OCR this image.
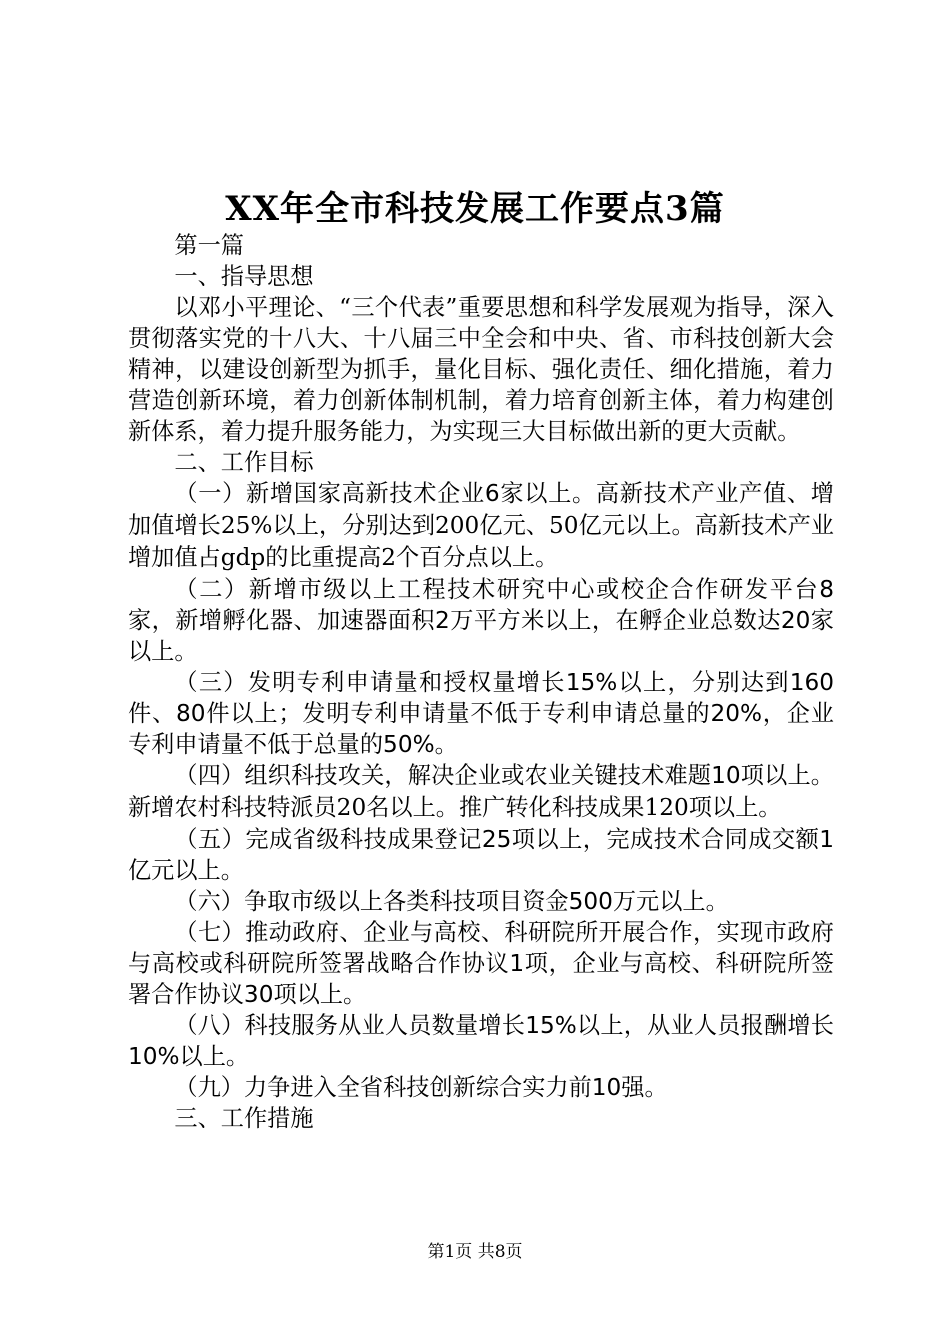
XX年全市科技发展工作要点3篇

第一篇

一、指导思想

以邓小平理论、“三个代表”重要思想和科学发展观为指导，深入贯彻落实党的十八大、十八届三中全会和中央、省、市科技创新大会精神，以建设创新型为抓手，量化目标、强化责任、细化措施，着力营造创新环境，着力创新体制机制，着力培育创新主体，着力构建创新体系，着力提升服务能力，为实现三大目标做出新的更大贡献。

二、工作目标

（一）新增国家高新技术企业6家以上。高新技术产业产值、增加值增长25%以上，分别达到200亿元、50亿元以上。高新技术产业增加值占gdp的比重提高2个百分点以上。

（二）新增市级以上工程技术研究中心或校企合作研发平台8家，新增孵化器、加速器面积2万平方米以上，在孵企业总数达20家以上。

（三）发明专利申请量和授权量增长15%以上，分别达到160件、80件以上；发明专利申请量不低于专利申请总量的20%，企业专利申请量不低于总量的50%。

（四）组织科技攻关，解决企业或农业关键技术难题10项以上。新增农村科技特派员20名以上。推广转化科技成果120项以上。

（五）完成省级科技成果登记25项以上，完成技术合同成交额1亿元以上。

（六）争取市级以上各类科技项目资金500万元以上。

（七）推动政府、企业与高校、科研院所开展合作，实现市政府与高校或科研院所签署战略合作协议1项，企业与高校、科研院所签署合作协议30项以上。

（八）科技服务从业人员数量增长15%以上，从业人员报酬增长10%以上。

（九）力争进入全省科技创新综合实力前10强。

三、工作措施

第1页 共8页
